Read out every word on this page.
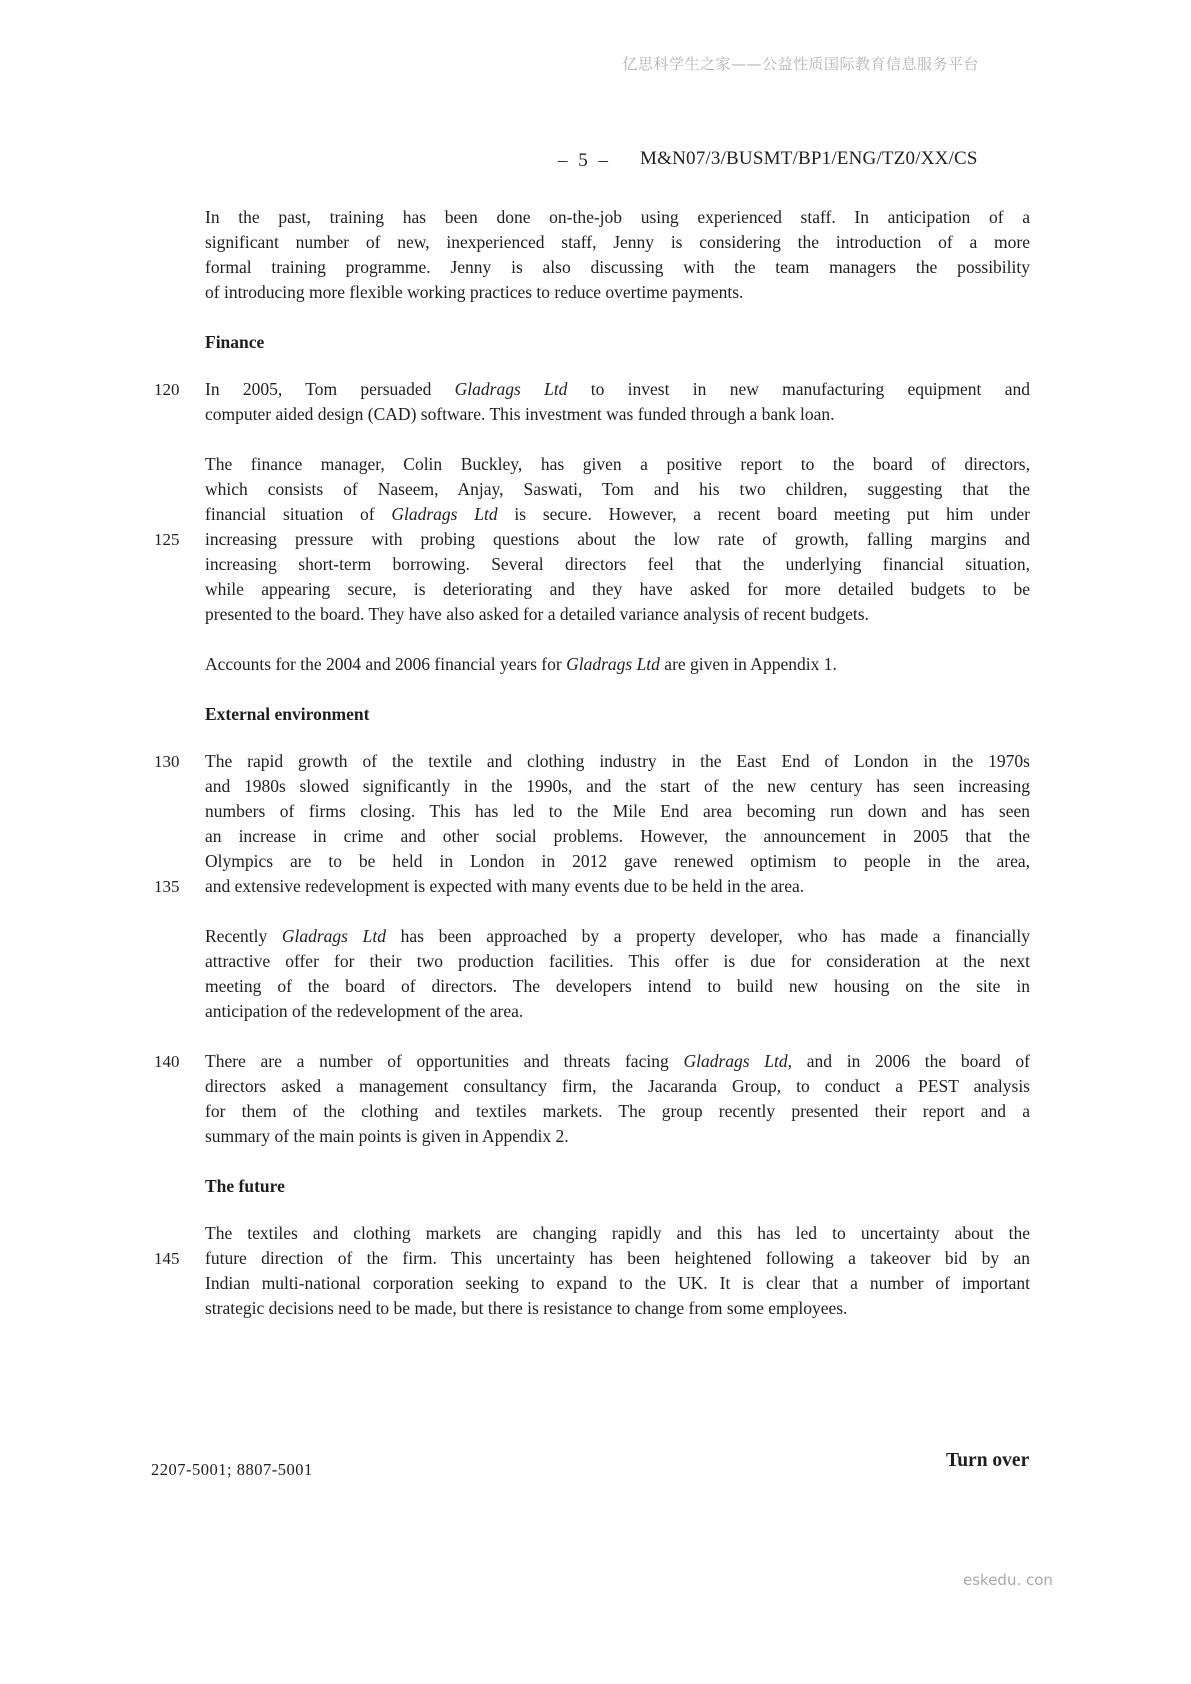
亿思科学生之家——公益性质国际教育信息服务平台
– 5 – M&N07/3/BUSMT/BP1/ENG/TZ0/XX/CS
In the past, training has been done on-the-job using experienced staff. In anticipation of a
significant number of new, inexperienced staff, Jenny is considering the introduction of a more
formal training programme. Jenny is also discussing with the team managers the possibility
of introducing more flexible working practices to reduce overtime payments.
Finance
120	In 2005, Tom persuaded Gladrags Ltd to invest in new manufacturing equipment and
computer aided design (CAD) software. This investment was funded through a bank loan.
The finance manager, Colin Buckley, has given a positive report to the board of directors,
which consists of Naseem, Anjay, Saswati, Tom and his two children, suggesting that the
financial situation of Gladrags Ltd is secure. However, a recent board meeting put him under
125	increasing pressure with probing questions about the low rate of growth, falling margins and
increasing short-term borrowing. Several directors feel that the underlying financial situation,
while appearing secure, is deteriorating and they have asked for more detailed budgets to be
presented to the board. They have also asked for a detailed variance analysis of recent budgets.
Accounts for the 2004 and 2006 financial years for Gladrags Ltd are given in Appendix 1.
External environment
130	The rapid growth of the textile and clothing industry in the East End of London in the 1970s
and 1980s slowed significantly in the 1990s, and the start of the new century has seen increasing
numbers of firms closing. This has led to the Mile End area becoming run down and has seen
an increase in crime and other social problems. However, the announcement in 2005 that the
Olympics are to be held in London in 2012 gave renewed optimism to people in the area,
135	and extensive redevelopment is expected with many events due to be held in the area.
Recently Gladrags Ltd has been approached by a property developer, who has made a financially
attractive offer for their two production facilities. This offer is due for consideration at the next
meeting of the board of directors. The developers intend to build new housing on the site in
anticipation of the redevelopment of the area.
140	There are a number of opportunities and threats facing Gladrags Ltd, and in 2006 the board of
directors asked a management consultancy firm, the Jacaranda Group, to conduct a PEST analysis
for them of the clothing and textiles markets. The group recently presented their report and a
summary of the main points is given in Appendix 2.
The future
The textiles and clothing markets are changing rapidly and this has led to uncertainty about the
145	future direction of the firm. This uncertainty has been heightened following a takeover bid by an
Indian multi-national corporation seeking to expand to the UK. It is clear that a number of important
strategic decisions need to be made, but there is resistance to change from some employees.
2207-5001; 8807-5001	Turn over
eskedu. con
